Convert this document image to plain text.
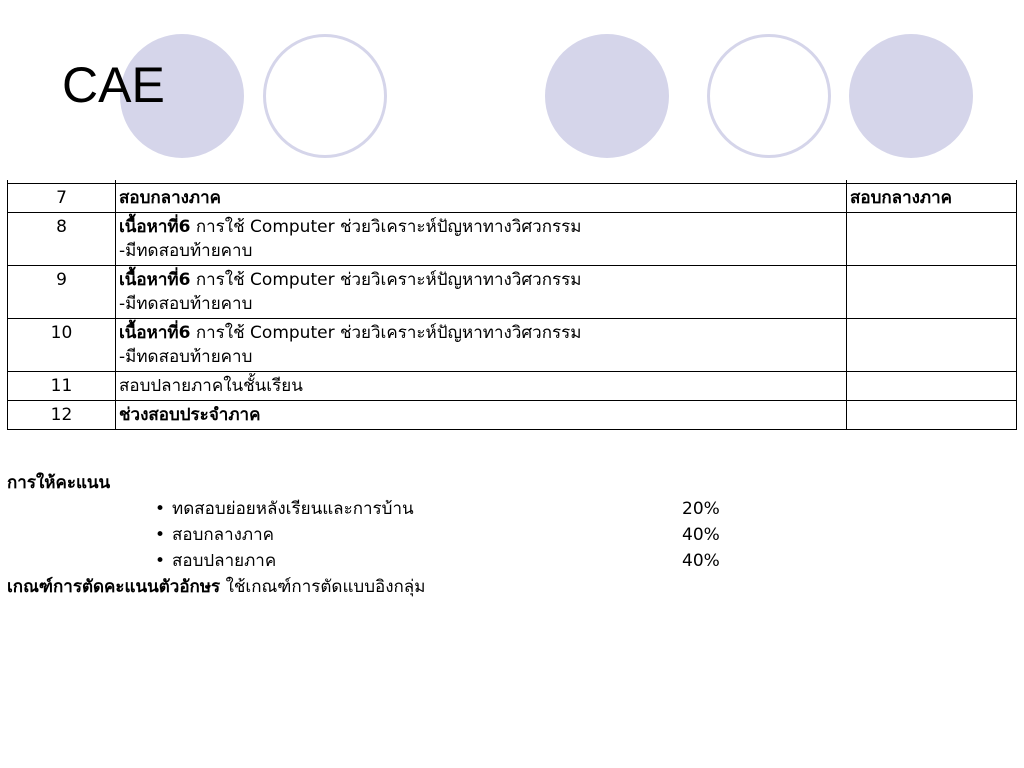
CAE

7	สอบกลางภาค	สอบกลางภาค
8	เนื้อหาที่6 การใช้ Computer ช่วยวิเคราะห์ปัญหาทางวิศวกรรม
-มีทดสอบท้ายคาบ	

9	เนื้อหาที่6 การใช้ Computer ช่วยวิเคราะห์ปัญหาทางวิศวกรรม
-มีทดสอบท้ายคาบ	

10	เนื้อหาที่6 การใช้ Computer ช่วยวิเคราะห์ปัญหาทางวิศวกรรม
-มีทดสอบท้ายคาบ	

11	สอบปลายภาคในชั้นเรียน	
12	ช่วงสอบประจำภาค	
การให้คะแนน
• ทดสอบย่อยหลังเรียนและการบ้าน	20%
• สอบกลางภาค	40%
• สอบปลายภาค	40%
เกณฑ์การตัดคะแนนตัวอักษร ใช้เกณฑ์การตัดแบบอิงกลุ่ม
